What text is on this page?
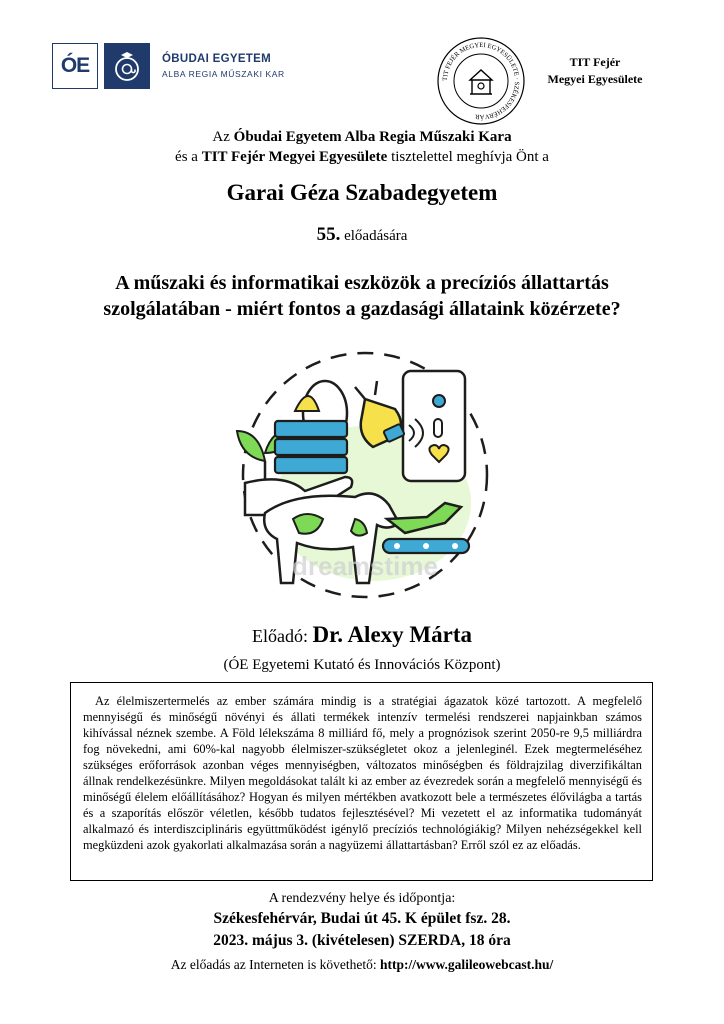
ÓE	ÓBUDAI EGYETEM
ALBA REGIA MŰSZAKI KAR	TIT FEJÉR MEGYEI EGYESÜLETE · SZÉKESFEHÉRVÁR
TIT Fejér
Megyei Egyesülete
Az Óbudai Egyetem Alba Regia Műszaki Kara
és a TIT Fejér Megyei Egyesülete tisztelettel meghívja Önt a
Garai Géza Szabadegyetem
55. előadására
A műszaki és informatikai eszközök a precíziós állattartás
szolgálatában - miért fontos a gazdasági állataink közérzete?
dreamstime
Előadó: Dr. Alexy Márta
(ÓE Egyetemi Kutató és Innovációs Központ)
Az élelmiszertermelés az ember számára mindig is a stratégiai ágazatok közé tartozott. A megfelelő mennyiségű és minőségű növényi és állati termékek intenzív termelési rendszerei napjainkban számos kihívással néznek szembe. A Föld lélekszáma 8 milliárd fő, mely a prognózisok szerint 2050-re 9,5 milliárdra fog növekedni, ami 60%-kal nagyobb élelmiszer-szükségletet okoz a jelenleginél. Ezek megtermeléséhez szükséges erőforrások azonban véges mennyiségben, változatos minőségben és földrajzilag diverzifikáltan állnak rendelkezésünkre. Milyen megoldásokat talált ki az ember az évezredek során a megfelelő mennyiségű és minőségű élelem előállításához? Hogyan és milyen mértékben avatkozott bele a természetes élővilágba a tartás és a szaporítás először véletlen, később tudatos fejlesztésével? Mi vezetett el az informatika tudományát alkalmazó és interdiszciplináris együttműködést igénylő precíziós technológiákig? Milyen nehézségekkel kell megküzdeni azok gyakorlati alkalmazása során a nagyüzemi állattartásban? Erről szól ez az előadás.
A rendezvény helye és időpontja:
Székesfehérvár, Budai út 45. K épület fsz. 28.
2023. május 3. (kivételesen) SZERDA, 18 óra
Az előadás az Interneten is követhető: http://www.galileowebcast.hu/
